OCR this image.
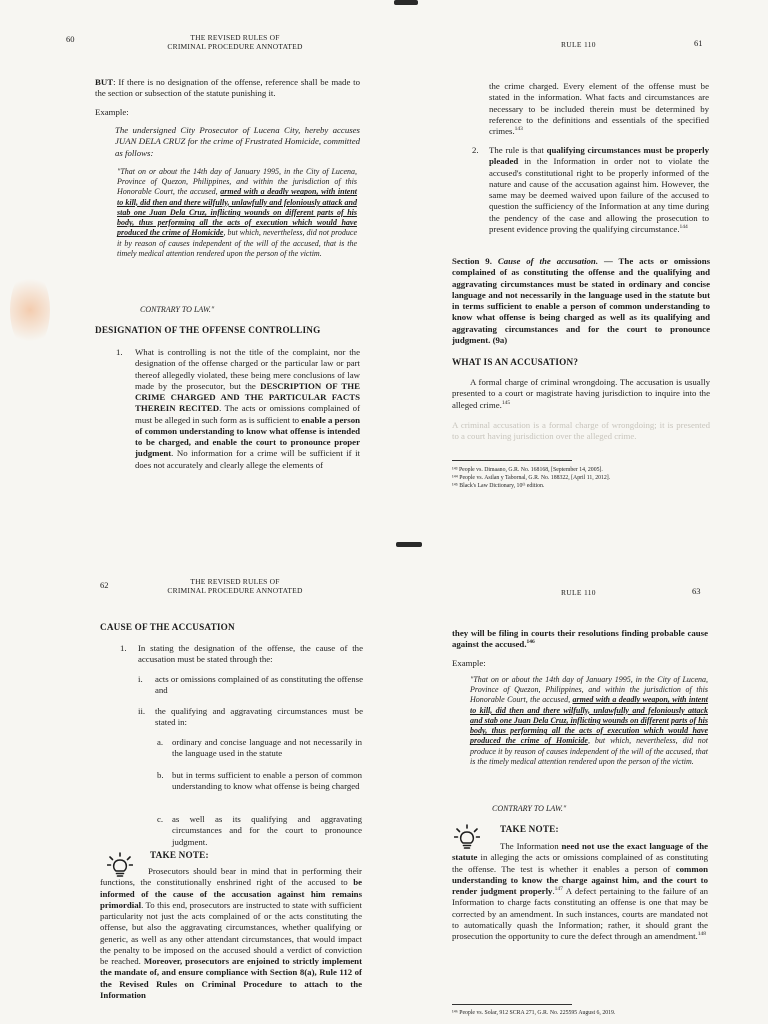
60	THE REVISED RULES OF
CRIMINAL PROCEDURE ANNOTATED
BUT: If there is no designation of the offense, reference shall be made to the section or subsection of the statute punishing it.
Example:
The undersigned City Prosecutor of Lucena City, hereby accuses JUAN DELA CRUZ for the crime of Frustrated Homicide, committed as follows:
"That on or about the 14th day of January 1995, in the City of Lucena, Province of Quezon, Philippines, and within the jurisdiction of this Honorable Court, the accused, armed with a deadly weapon, with intent to kill, did then and there wilfully, unlawfully and feloniously attack and stab one Juan Dela Cruz, inflicting wounds on different parts of his body, thus performing all the acts of execution which would have produced the crime of Homicide, but which, nevertheless, did not produce it by reason of causes independent of the will of the accused, that is the timely medical attention rendered upon the person of the victim.
CONTRARY TO LAW."
DESIGNATION OF THE OFFENSE CONTROLLING
1. What is controlling is not the title of the complaint, nor the designation of the offense charged or the particular law or part thereof allegedly violated, these being mere conclusions of law made by the prosecutor, but the DESCRIPTION OF THE CRIME CHARGED AND THE PARTICULAR FACTS THEREIN RECITED. The acts or omissions complained of must be alleged in such form as is sufficient to enable a person of common understanding to know what offense is intended to be charged, and enable the court to pronounce proper judgment. No information for a crime will be sufficient if it does not accurately and clearly allege the elements of
RULE 110	61
the crime charged. Every element of the offense must be stated in the information. What facts and circumstances are necessary to be included therein must be determined by reference to the definitions and essentials of the specified crimes.$^{143}$
2. The rule is that qualifying circumstances must be properly pleaded in the Information in order not to violate the accused's constitutional right to be properly informed of the nature and cause of the accusation against him. However, the same may be deemed waived upon failure of the accused to question the sufficiency of the Information at any time during the pendency of the case and allowing the prosecution to present evidence proving the qualifying circumstance.$^{144}$
Section 9. Cause of the accusation. — The acts or omissions complained of as constituting the offense and the qualifying and aggravating circumstances must be stated in ordinary and concise language and not necessarily in the language used in the statute but in terms sufficient to enable a person of common understanding to know what offense is being charged as well as its qualifying and aggravating circumstances and for the court to pronounce judgment. (9a)
WHAT IS AN ACCUSATION?
A formal charge of criminal wrongdoing. The accusation is usually presented to a court or magistrate having jurisdiction to inquire into the alleged crime.$^{145}$
A criminal accusation is a formal charge of wrongdoing; it is presented to a court having jurisdiction over the alleged crime.
¹⁴³ People vs. Dimaano, G.R. No. 168168, [September 14, 2005].
¹⁴⁴ People vs. Asilan y Tabornal, G.R. No. 188322, [April 11, 2012].
¹⁴⁵ Black's Law Dictionary, 10ᵗʰ edition.
62	THE REVISED RULES OF
CRIMINAL PROCEDURE ANNOTATED
CAUSE OF THE ACCUSATION
1. In stating the designation of the offense, the cause of the accusation must be stated through the:
i. acts or omissions complained of as constituting the offense and
ii. the qualifying and aggravating circumstances must be stated in:
a. ordinary and concise language and not necessarily in the language used in the statute
b. but in terms sufficient to enable a person of common understanding to know what offense is being charged
c. as well as its qualifying and aggravating circumstances and for the court to pronounce judgment.
TAKE NOTE:
Prosecutors should bear in mind that in performing their functions, the constitutionally enshrined right of the accused to be informed of the cause of the accusation against him remains primordial. To this end, prosecutors are instructed to state with sufficient particularity not just the acts complained of or the acts constituting the offense, but also the aggravating circumstances, whether qualifying or generic, as well as any other attendant circumstances, that would impact the penalty to be imposed on the accused should a verdict of conviction be reached. Moreover, prosecutors are enjoined to strictly implement the mandate of, and ensure compliance with Section 8(a), Rule 112 of the Revised Rules on Criminal Procedure to attach to the Information
RULE 110	63
they will be filing in courts their resolutions finding probable cause against the accused.$^{146}$
Example:
"That on or about the 14th day of January 1995, in the City of Lucena, Province of Quezon, Philippines, and within the jurisdiction of this Honorable Court, the accused, armed with a deadly weapon, with intent to kill, did then and there wilfully, unlawfully and feloniously attack and stab one Juan Dela Cruz, inflicting wounds on different parts of his body, thus performing all the acts of execution which would have produced the crime of Homicide, but which, nevertheless, did not produce it by reason of causes independent of the will of the accused, that is the timely medical attention rendered upon the person of the victim.
CONTRARY TO LAW."
TAKE NOTE:
The Information need not use the exact language of the statute in alleging the acts or omissions complained of as constituting the offense. The test is whether it enables a person of common understanding to know the charge against him, and the court to render judgment properly.$^{147}$ A defect pertaining to the failure of an Information to charge facts constituting an offense is one that may be corrected by an amendment. In such instances, courts are mandated not to automatically quash the Information; rather, it should grant the prosecution the opportunity to cure the defect through an amendment.$^{148}$
¹⁴⁶ People vs. Solar, 912 SCRA 271, G.R. No. 225595 August 6, 2019.
